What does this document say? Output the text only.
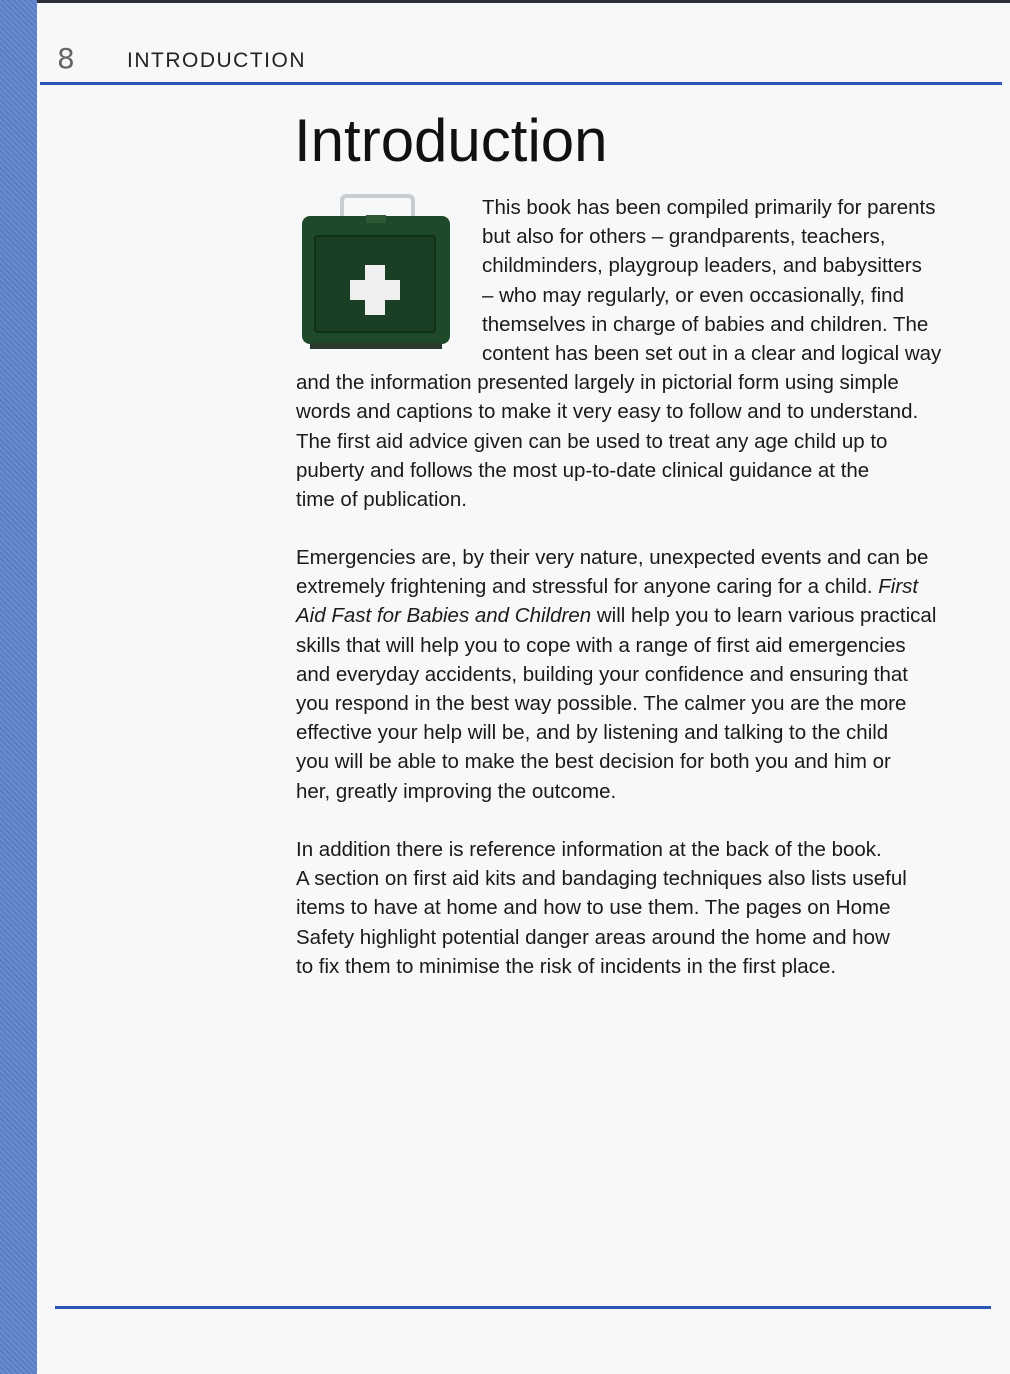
8 INTRODUCTION
Introduction
This book has been compiled primarily for parents
but also for others – grandparents, teachers,
childminders, playgroup leaders, and babysitters
– who may regularly, or even occasionally, find
themselves in charge of babies and children. The
content has been set out in a clear and logical way
and the information presented largely in pictorial form using simple
words and captions to make it very easy to follow and to understand.
The first aid advice given can be used to treat any age child up to
puberty and follows the most up-to-date clinical guidance at the
time of publication.
Emergencies are, by their very nature, unexpected events and can be
extremely frightening and stressful for anyone caring for a child. First
Aid Fast for Babies and Children will help you to learn various practical
skills that will help you to cope with a range of first aid emergencies
and everyday accidents, building your confidence and ensuring that
you respond in the best way possible. The calmer you are the more
effective your help will be, and by listening and talking to the child
you will be able to make the best decision for both you and him or
her, greatly improving the outcome.
In addition there is reference information at the back of the book.
A section on first aid kits and bandaging techniques also lists useful
items to have at home and how to use them. The pages on Home
Safety highlight potential danger areas around the home and how
to fix them to minimise the risk of incidents in the first place.
